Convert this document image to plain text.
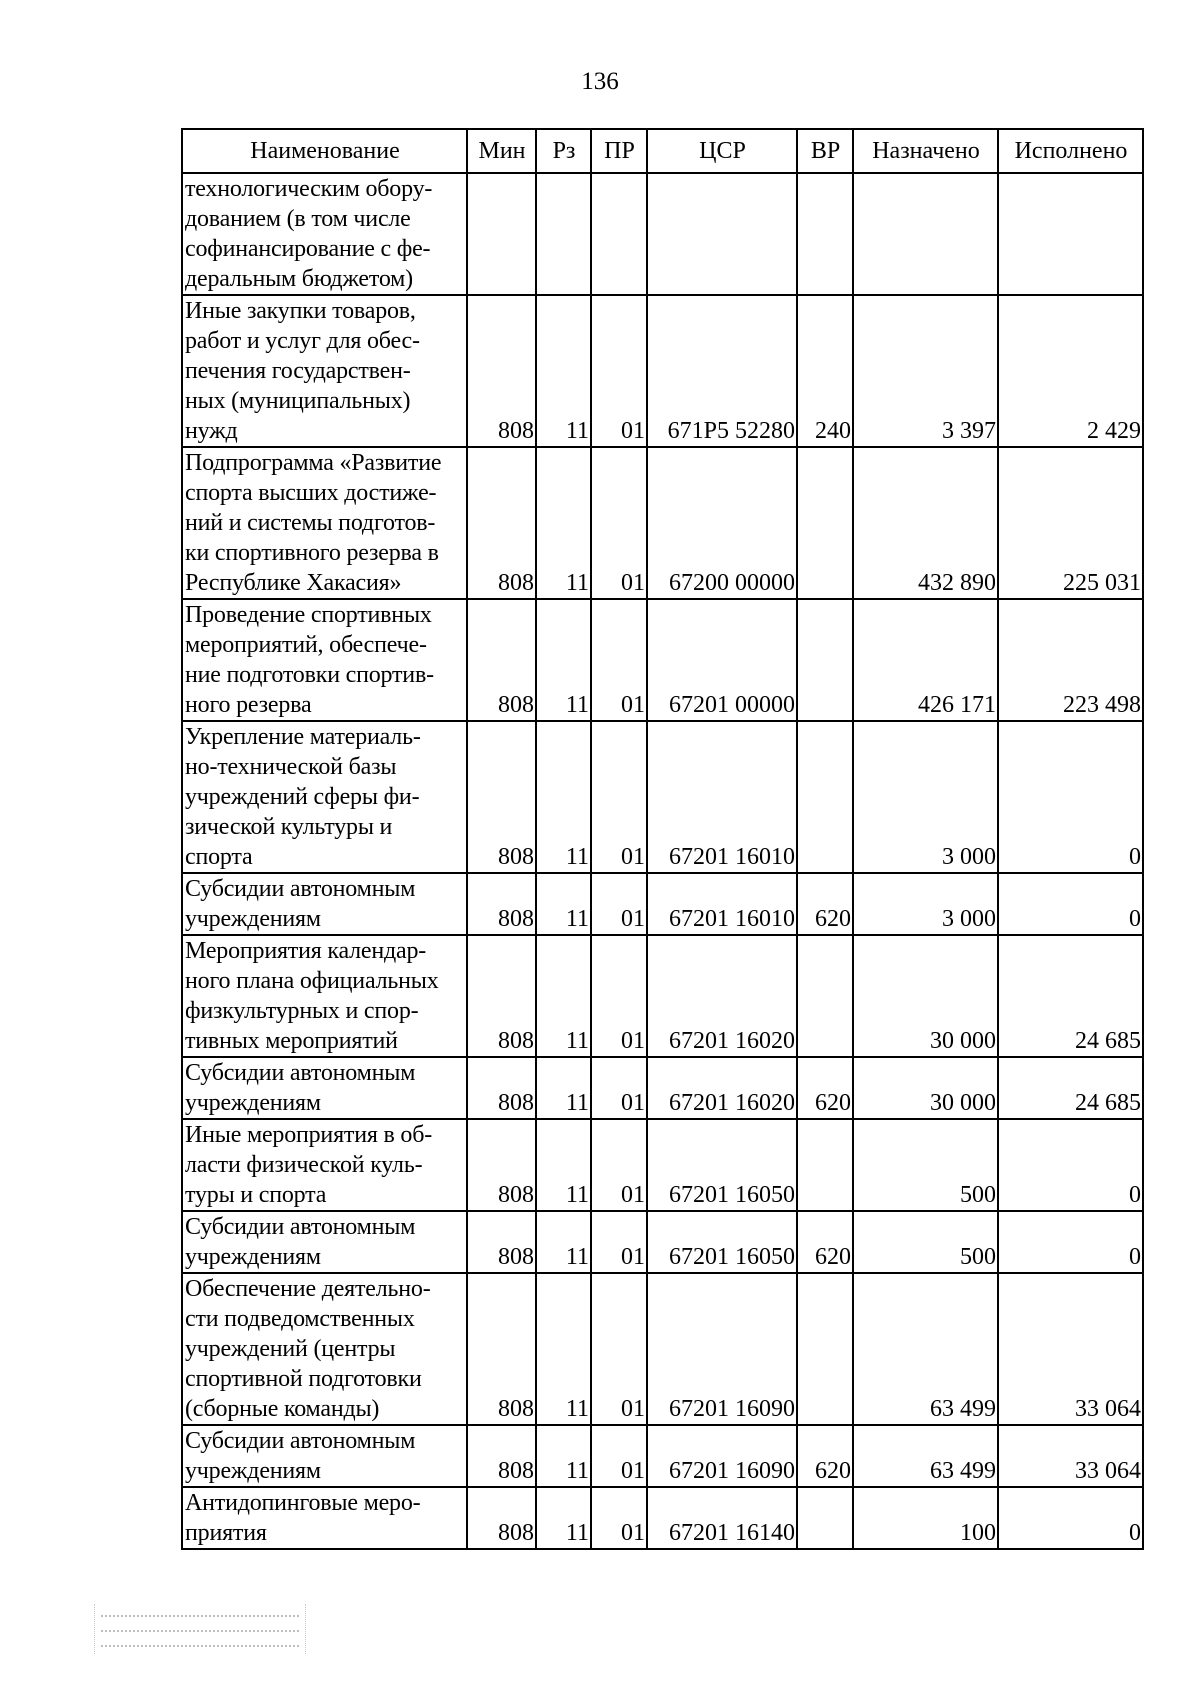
136
Наименование	Мин	Рз	ПР	ЦСР	ВР	Назначено	Исполнено

технологическим обору-
дованием (в том числе
софинансирование с фе-
деральным бюджетом)							

Иные закупки товаров,
работ и услуг для обес-
печения государствен-
ных (муниципальных)
нужд	808	11	01	671P5 52280	240	3 397	2 429

Подпрограмма «Развитие
спорта высших достиже-
ний и системы подготов-
ки спортивного резерва в
Республике Хакасия»	808	11	01	67200 00000		432 890	225 031

Проведение спортивных
мероприятий, обеспече-
ние подготовки спортив-
ного резерва	808	11	01	67201 00000		426 171	223 498

Укрепление материаль-
но-технической базы
учреждений сферы фи-
зической культуры и
спорта	808	11	01	67201 16010		3 000	0

Субсидии автономным
учреждениям	808	11	01	67201 16010	620	3 000	0

Мероприятия календар-
ного плана официальных
физкультурных и спор-
тивных мероприятий	808	11	01	67201 16020		30 000	24 685

Субсидии автономным
учреждениям	808	11	01	67201 16020	620	30 000	24 685

Иные мероприятия в об-
ласти физической куль-
туры и спорта	808	11	01	67201 16050		500	0

Субсидии автономным
учреждениям	808	11	01	67201 16050	620	500	0

Обеспечение деятельно-
сти подведомственных
учреждений (центры
спортивной подготовки
(сборные команды)	808	11	01	67201 16090		63 499	33 064

Субсидии автономным
учреждениям	808	11	01	67201 16090	620	63 499	33 064

Антидопинговые меро-
приятия	808	11	01	67201 16140		100	0
